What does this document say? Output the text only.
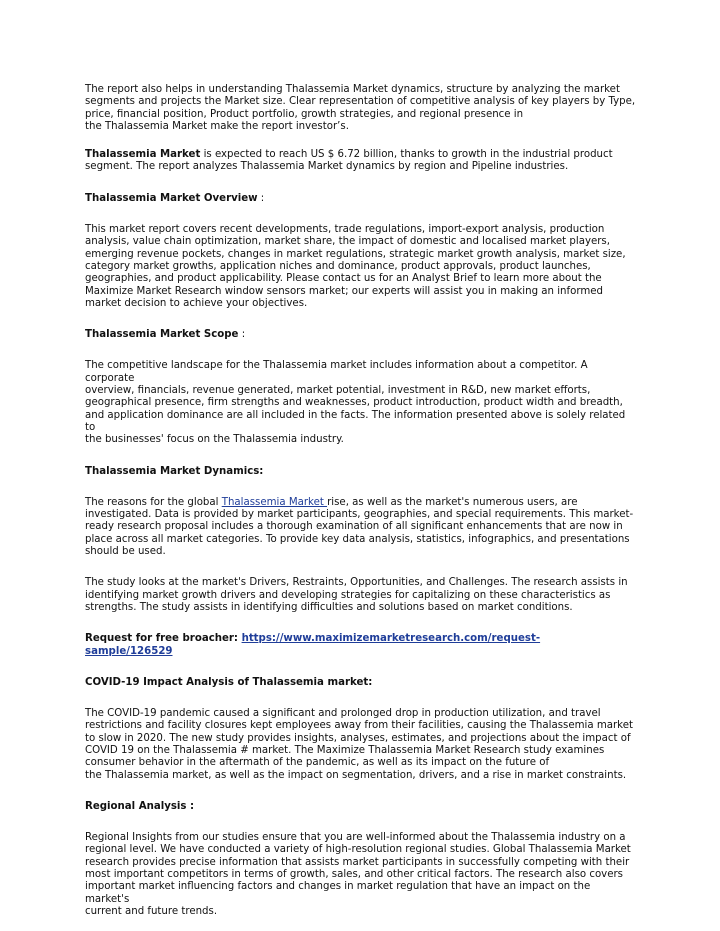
The report also helps in understanding Thalassemia Market dynamics, structure by analyzing the market
segments and projects the Market size. Clear representation of competitive analysis of key players by Type,
price, financial position, Product portfolio, growth strategies, and regional presence in
the Thalassemia Market make the report investor’s.

Thalassemia Market is expected to reach US $ 6.72 billion, thanks to growth in the industrial product
segment. The report analyzes Thalassemia Market dynamics by region and Pipeline industries.

Thalassemia Market Overview :

This market report covers recent developments, trade regulations, import-export analysis, production
analysis, value chain optimization, market share, the impact of domestic and localised market players,
emerging revenue pockets, changes in market regulations, strategic market growth analysis, market size,
category market growths, application niches and dominance, product approvals, product launches,
geographies, and product applicability. Please contact us for an Analyst Brief to learn more about the
Maximize Market Research window sensors market; our experts will assist you in making an informed
market decision to achieve your objectives.

Thalassemia Market Scope :

The competitive landscape for the Thalassemia market includes information about a competitor. A corporate
overview, financials, revenue generated, market potential, investment in R&D, new market efforts,
geographical presence, firm strengths and weaknesses, product introduction, product width and breadth,
and application dominance are all included in the facts. The information presented above is solely related to
the businesses' focus on the Thalassemia industry.

Thalassemia Market Dynamics:

The reasons for the global Thalassemia Market rise, as well as the market's numerous users, are
investigated. Data is provided by market participants, geographies, and special requirements. This market-
ready research proposal includes a thorough examination of all significant enhancements that are now in
place across all market categories. To provide key data analysis, statistics, infographics, and presentations
should be used.

The study looks at the market's Drivers, Restraints, Opportunities, and Challenges. The research assists in
identifying market growth drivers and developing strategies for capitalizing on these characteristics as
strengths. The study assists in identifying difficulties and solutions based on market conditions.

Request for free broacher: https://www.maximizemarketresearch.com/request-
sample/126529

COVID-19 Impact Analysis of Thalassemia market:

The COVID-19 pandemic caused a significant and prolonged drop in production utilization, and travel
restrictions and facility closures kept employees away from their facilities, causing the Thalassemia market
to slow in 2020. The new study provides insights, analyses, estimates, and projections about the impact of
COVID 19 on the Thalassemia # market. The Maximize Thalassemia Market Research study examines
consumer behavior in the aftermath of the pandemic, as well as its impact on the future of
the Thalassemia market, as well as the impact on segmentation, drivers, and a rise in market constraints.

Regional Analysis :

Regional Insights from our studies ensure that you are well-informed about the Thalassemia industry on a
regional level. We have conducted a variety of high-resolution regional studies. Global Thalassemia Market
research provides precise information that assists market participants in successfully competing with their
most important competitors in terms of growth, sales, and other critical factors. The research also covers
important market influencing factors and changes in market regulation that have an impact on the market's
current and future trends.
